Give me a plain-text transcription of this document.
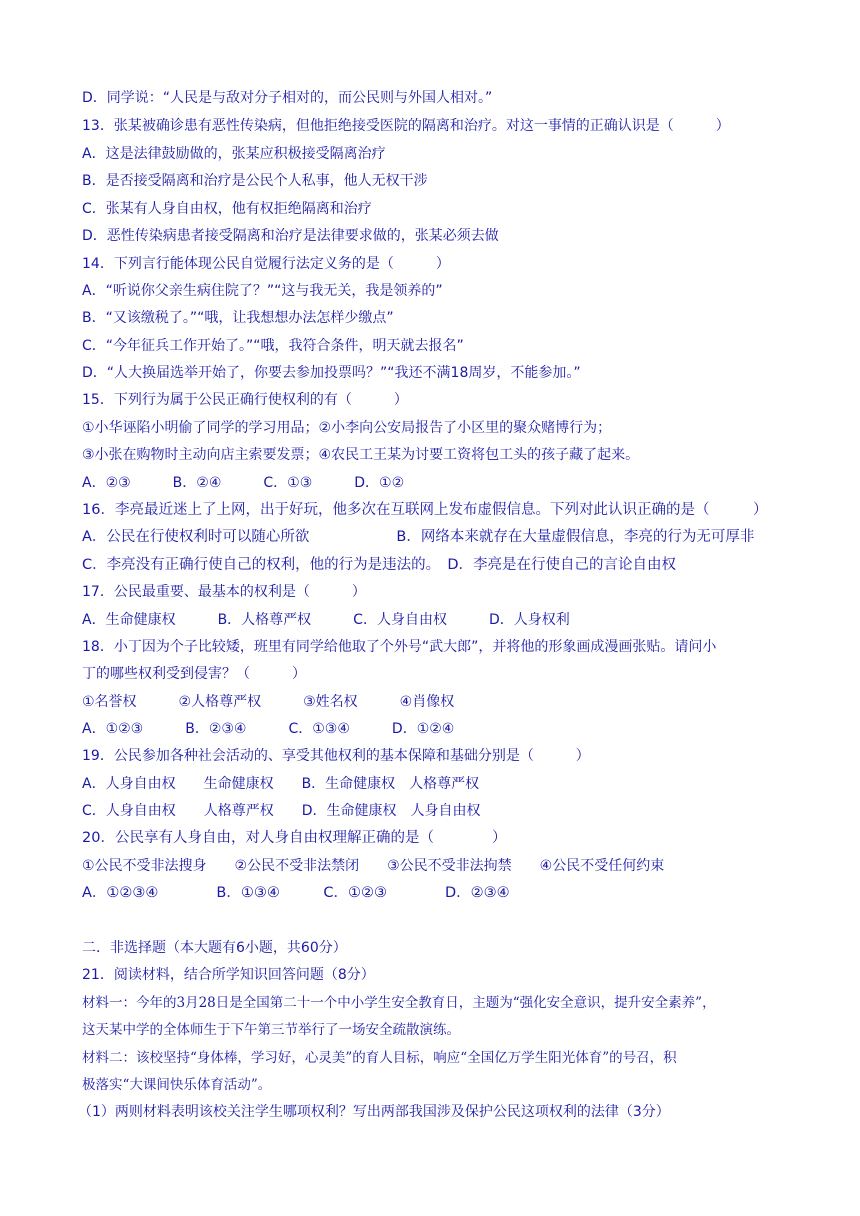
D．同学说：“人民是与敌对分子相对的，而公民则与外国人相对。”
13．张某被确诊患有恶性传染病，但他拒绝接受医院的隔离和治疗。对这一事情的正确认识是（　　　）
A．这是法律鼓励做的，张某应积极接受隔离治疗
B．是否接受隔离和治疗是公民个人私事，他人无权干涉
C．张某有人身自由权，他有权拒绝隔离和治疗
D．恶性传染病患者接受隔离和治疗是法律要求做的，张某必须去做
14．下列言行能体现公民自觉履行法定义务的是（　　　）
A．“听说你父亲生病住院了？”“这与我无关，我是领养的”
B．“又该缴税了。”“哦，让我想想办法怎样少缴点”
C．“今年征兵工作开始了。”“哦，我符合条件，明天就去报名”
D．“人大换届选举开始了，你要去参加投票吗？”“我还不满18周岁，不能参加。”
15．下列行为属于公民正确行使权利的有（　　　）
①小华诬陷小明偷了同学的学习用品；②小李向公安局报告了小区里的聚众赌博行为；
③小张在购物时主动向店主索要发票；④农民工王某为讨要工资将包工头的孩子藏了起来。
A．②③　　　B．②④　　　C．①③　　　D．①②
16．李亮最近迷上了上网，出于好玩，他多次在互联网上发布虚假信息。下列对此认识正确的是（　　　）
A．公民在行使权利时可以随心所欲　　　　　　B．网络本来就存在大量虚假信息，李亮的行为无可厚非
C．李亮没有正确行使自己的权利，他的行为是违法的。　D．李亮是在行使自己的言论自由权
17．公民最重要、最基本的权利是（　　　）
A．生命健康权　　　B．人格尊严权　　　C．人身自由权　　　D．人身权利
18．小丁因为个子比较矮，班里有同学给他取了个外号“武大郎”，并将他的形象画成漫画张贴。请问小
丁的哪些权利受到侵害？（　　　）
①名誉权　　　②人格尊严权　　　③姓名权　　　④肖像权
A．①②③　　　B．②③④　　　C．①③④　　　D．①②④
19．公民参加各种社会活动的、享受其他权利的基本保障和基础分别是（　　　）
A．人身自由权　　生命健康权　　B．生命健康权　人格尊严权
C．人身自由权　　人格尊严权　　D．生命健康权　人身自由权
20．公民享有人身自由，对人身自由权理解正确的是（　　　　）
①公民不受非法搜身　　②公民不受非法禁闭　　③公民不受非法拘禁　　④公民不受任何约束
A．①②③④　　　　B．①③④　　　C．①②③　　　　D．②③④
二．非选择题（本大题有6小题，共60分）
21．阅读材料，结合所学知识回答问题（8分）
材料一：今年的3月28日是全国第二十一个中小学生安全教育日，主题为“强化安全意识，提升安全素养”，
这天某中学的全体师生于下午第三节举行了一场安全疏散演练。
材料二：该校坚持“身体棒，学习好，心灵美”的育人目标，响应“全国亿万学生阳光体育”的号召，积
极落实“大课间快乐体育活动”。
（1）两则材料表明该校关注学生哪项权利？写出两部我国涉及保护公民这项权利的法律（3分）
